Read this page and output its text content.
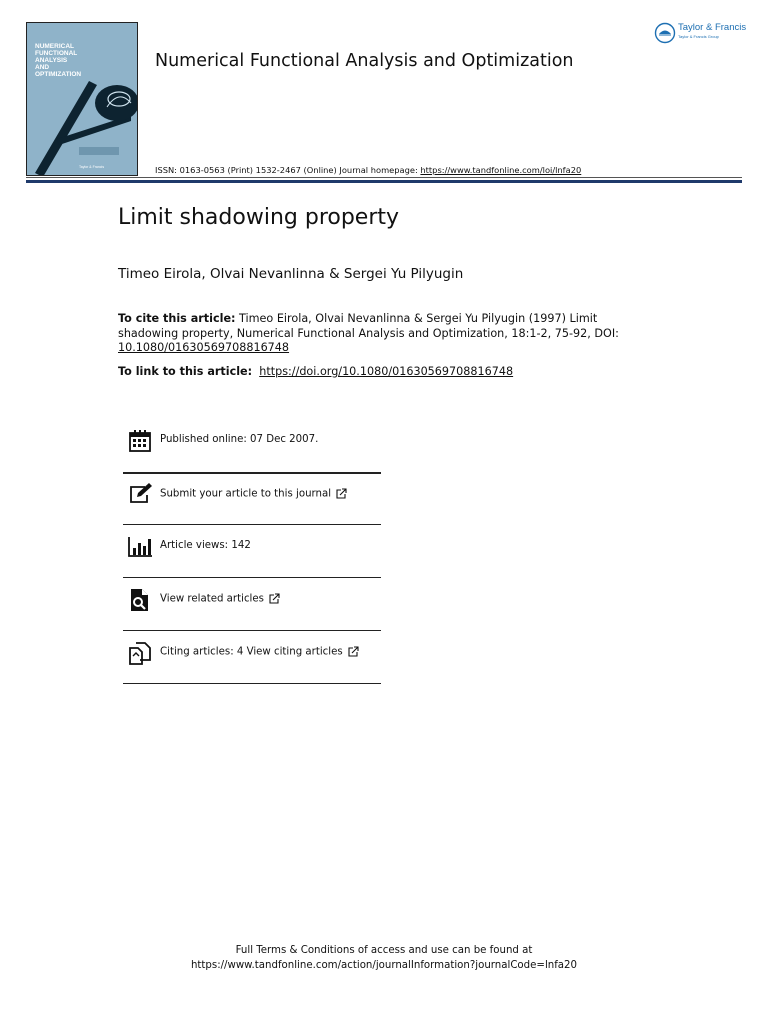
NUMERICAL
FUNCTIONAL
ANALYSIS
AND
OPTIMIZATION
Taylor & Francis
Numerical Functional Analysis and Optimization
Taylor & Francis
Taylor & Francis Group
ISSN: 0163-0563 (Print) 1532-2467 (Online) Journal homepage: https://www.tandfonline.com/loi/lnfa20
Limit shadowing property
Timeo Eirola, Olvai Nevanlinna & Sergei Yu Pilyugin
To cite this article: Timeo Eirola, Olvai Nevanlinna & Sergei Yu Pilyugin (1997) Limit shadowing property, Numerical Functional Analysis and Optimization, 18:1-2, 75-92, DOI: 10.1080/01630569708816748
To link to this article: https://doi.org/10.1080/01630569708816748
Published online: 07 Dec 2007.
Submit your article to this journal
Article views: 142
View related articles
Citing articles: 4 View citing articles
Full Terms & Conditions of access and use can be found at
https://www.tandfonline.com/action/journalInformation?journalCode=lnfa20
